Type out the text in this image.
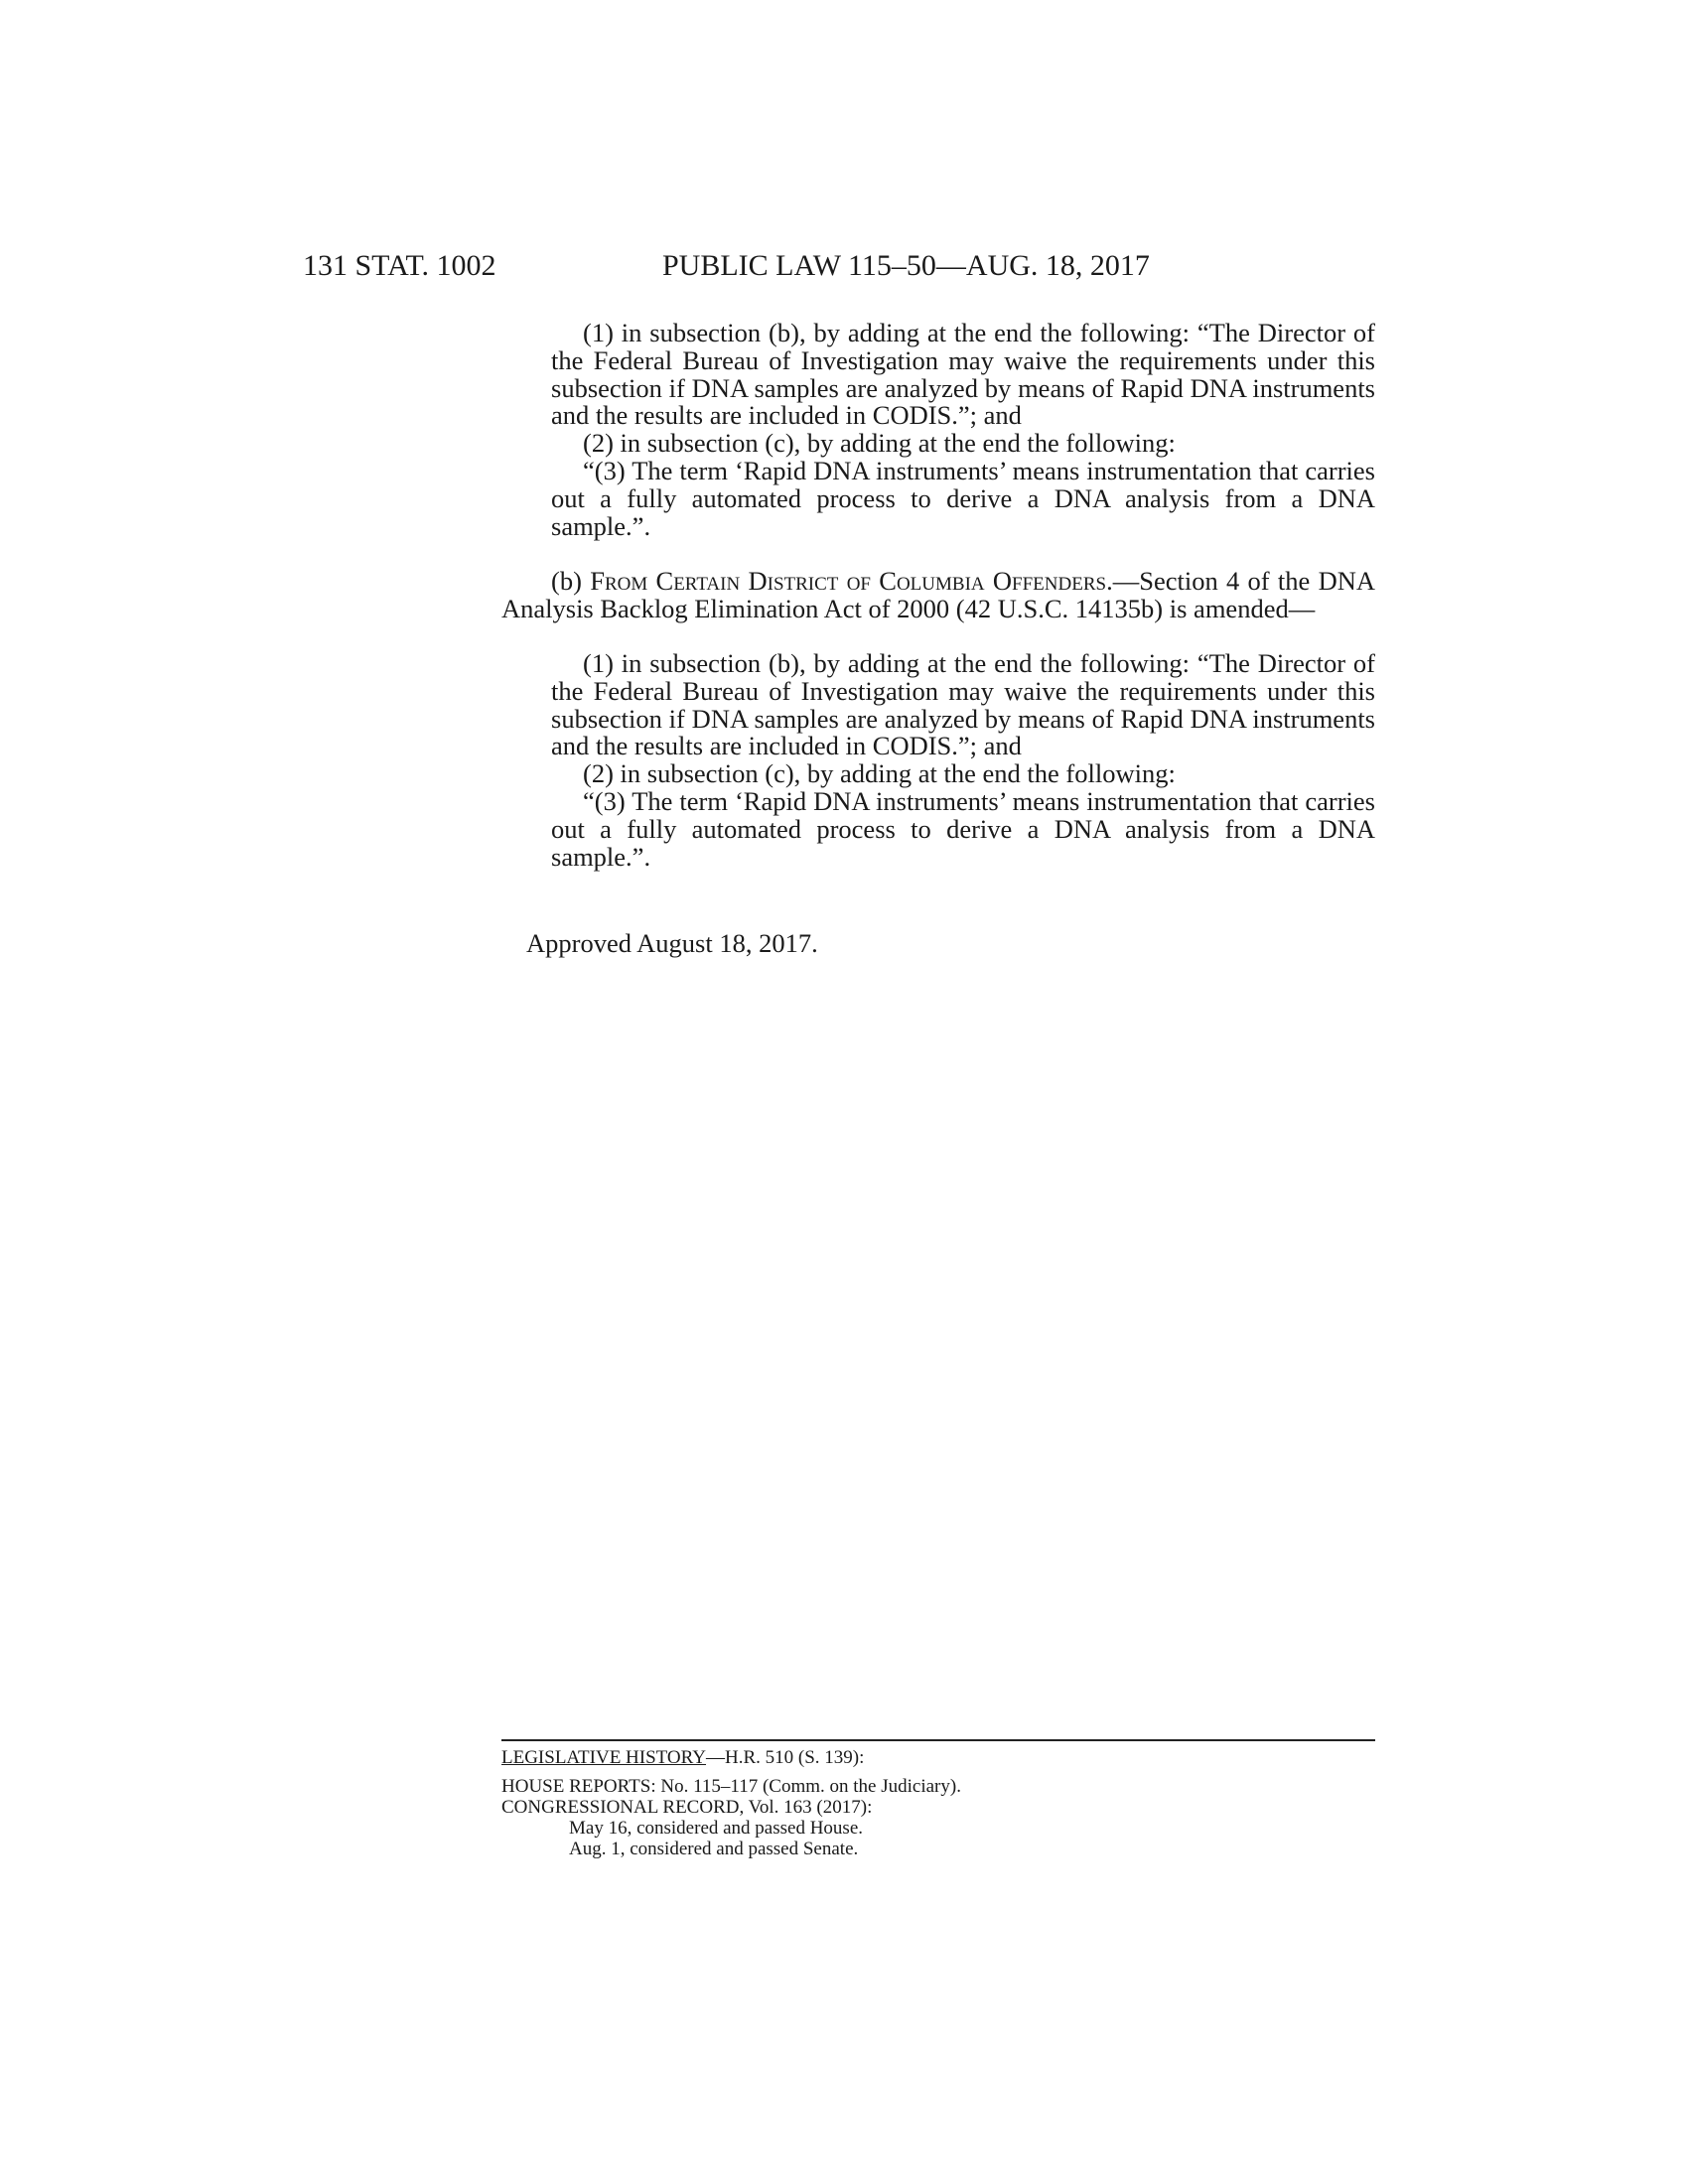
131 STAT. 1002	PUBLIC LAW 115–50—AUG. 18, 2017

(1) in subsection (b), by adding at the end the following: “The Director of the Federal Bureau of Investigation may waive the requirements under this subsection if DNA samples are analyzed by means of Rapid DNA instruments and the results are included in CODIS.”; and

(2) in subsection (c), by adding at the end the following:

“(3) The term ‘Rapid DNA instruments’ means instrumentation that carries out a fully automated process to derive a DNA analysis from a DNA sample.”.

(b) From Certain District of Columbia Offenders.—Section 4 of the DNA Analysis Backlog Elimination Act of 2000 (42 U.S.C. 14135b) is amended—

(1) in subsection (b), by adding at the end the following: “The Director of the Federal Bureau of Investigation may waive the requirements under this subsection if DNA samples are analyzed by means of Rapid DNA instruments and the results are included in CODIS.”; and

(2) in subsection (c), by adding at the end the following:

“(3) The term ‘Rapid DNA instruments’ means instrumentation that carries out a fully automated process to derive a DNA analysis from a DNA sample.”.

Approved August 18, 2017.
LEGISLATIVE HISTORY—H.R. 510 (S. 139):

HOUSE REPORTS: No. 115–117 (Comm. on the Judiciary).

CONGRESSIONAL RECORD, Vol. 163 (2017):

May 16, considered and passed House.

Aug. 1, considered and passed Senate.
